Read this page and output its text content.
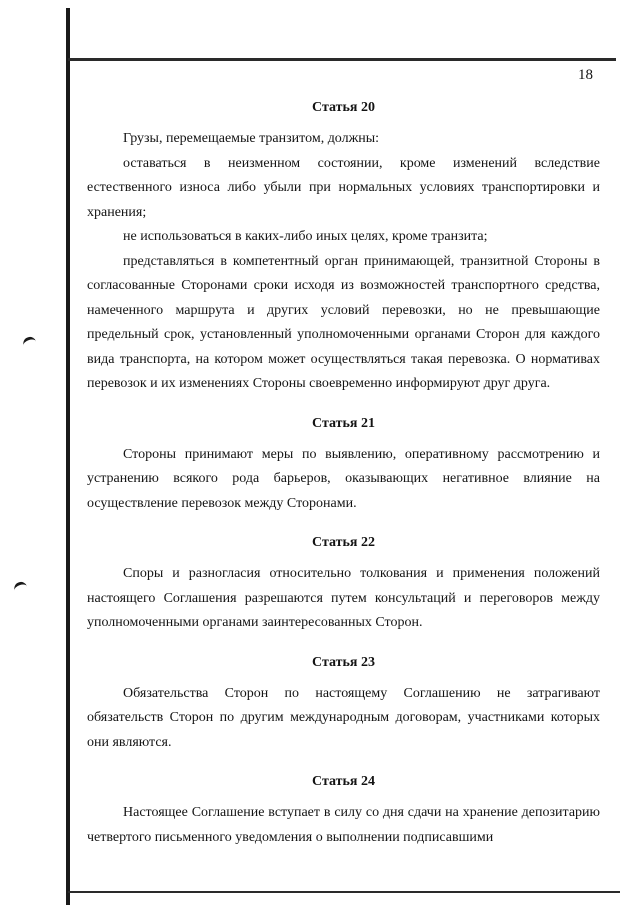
18
Статья 20

Грузы, перемещаемые транзитом, должны:

оставаться в неизменном состоянии, кроме изменений вследствие естественного износа либо убыли при нормальных условиях транспортировки и хранения;

не использоваться в каких-либо иных целях, кроме транзита;

представляться в компетентный орган принимающей, транзитной Стороны в согласованные Сторонами сроки исходя из возможностей транспортного средства, намеченного маршрута и других условий перевозки, но не превышающие предельный срок, установленный уполномоченными органами Сторон для каждого вида транспорта, на котором может осуществляться такая перевозка. О нормативах перевозок и их изменениях Стороны своевременно информируют друг друга.

Статья 21

Стороны принимают меры по выявлению, оперативному рассмотрению и устранению всякого рода барьеров, оказывающих негативное влияние на осуществление перевозок между Сторонами.

Статья 22

Споры и разногласия относительно толкования и применения положений настоящего Соглашения разрешаются путем консультаций и переговоров между уполномоченными органами заинтересованных Сторон.

Статья 23

Обязательства Сторон по настоящему Соглашению не затрагивают обязательств Сторон по другим международным договорам, участниками которых они являются.

Статья 24

Настоящее Соглашение вступает в силу со дня сдачи на хранение депозитарию четвертого письменного уведомления о выполнении подписавшими
